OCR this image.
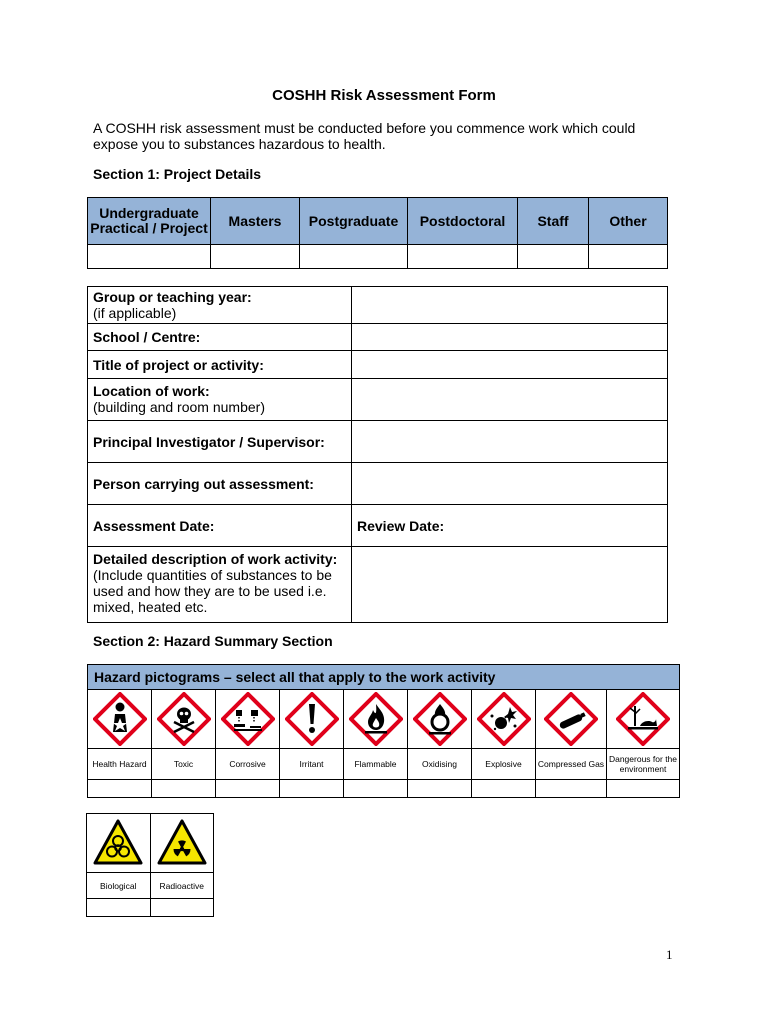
COSHH Risk Assessment Form
A COSHH risk assessment must be conducted before you commence work which could expose you to substances hazardous to health.
Section 1: Project Details
Undergraduate Practical / Project	Masters	Postgraduate	Postdoctoral	Staff	Other

Group or teaching year:
(if applicable)	

School / Centre:	
Title of project or activity:	

Location of work:
(building and room number)	

Principal Investigator / Supervisor:	
Person carrying out assessment:	
Assessment Date:	Review Date:

Detailed description of work activity:
(Include quantities of substances to be used and how they are to be used i.e. mixed, heated etc.	

Section 2: Hazard Summary Section
Hazard pictograms – select all that apply to the work activity								

Health Hazard	Toxic	Corrosive	Irritant	Flammable	Oxidising	Explosive	Compressed Gas	Dangerous for the environment

Biological	Radioactive

1
